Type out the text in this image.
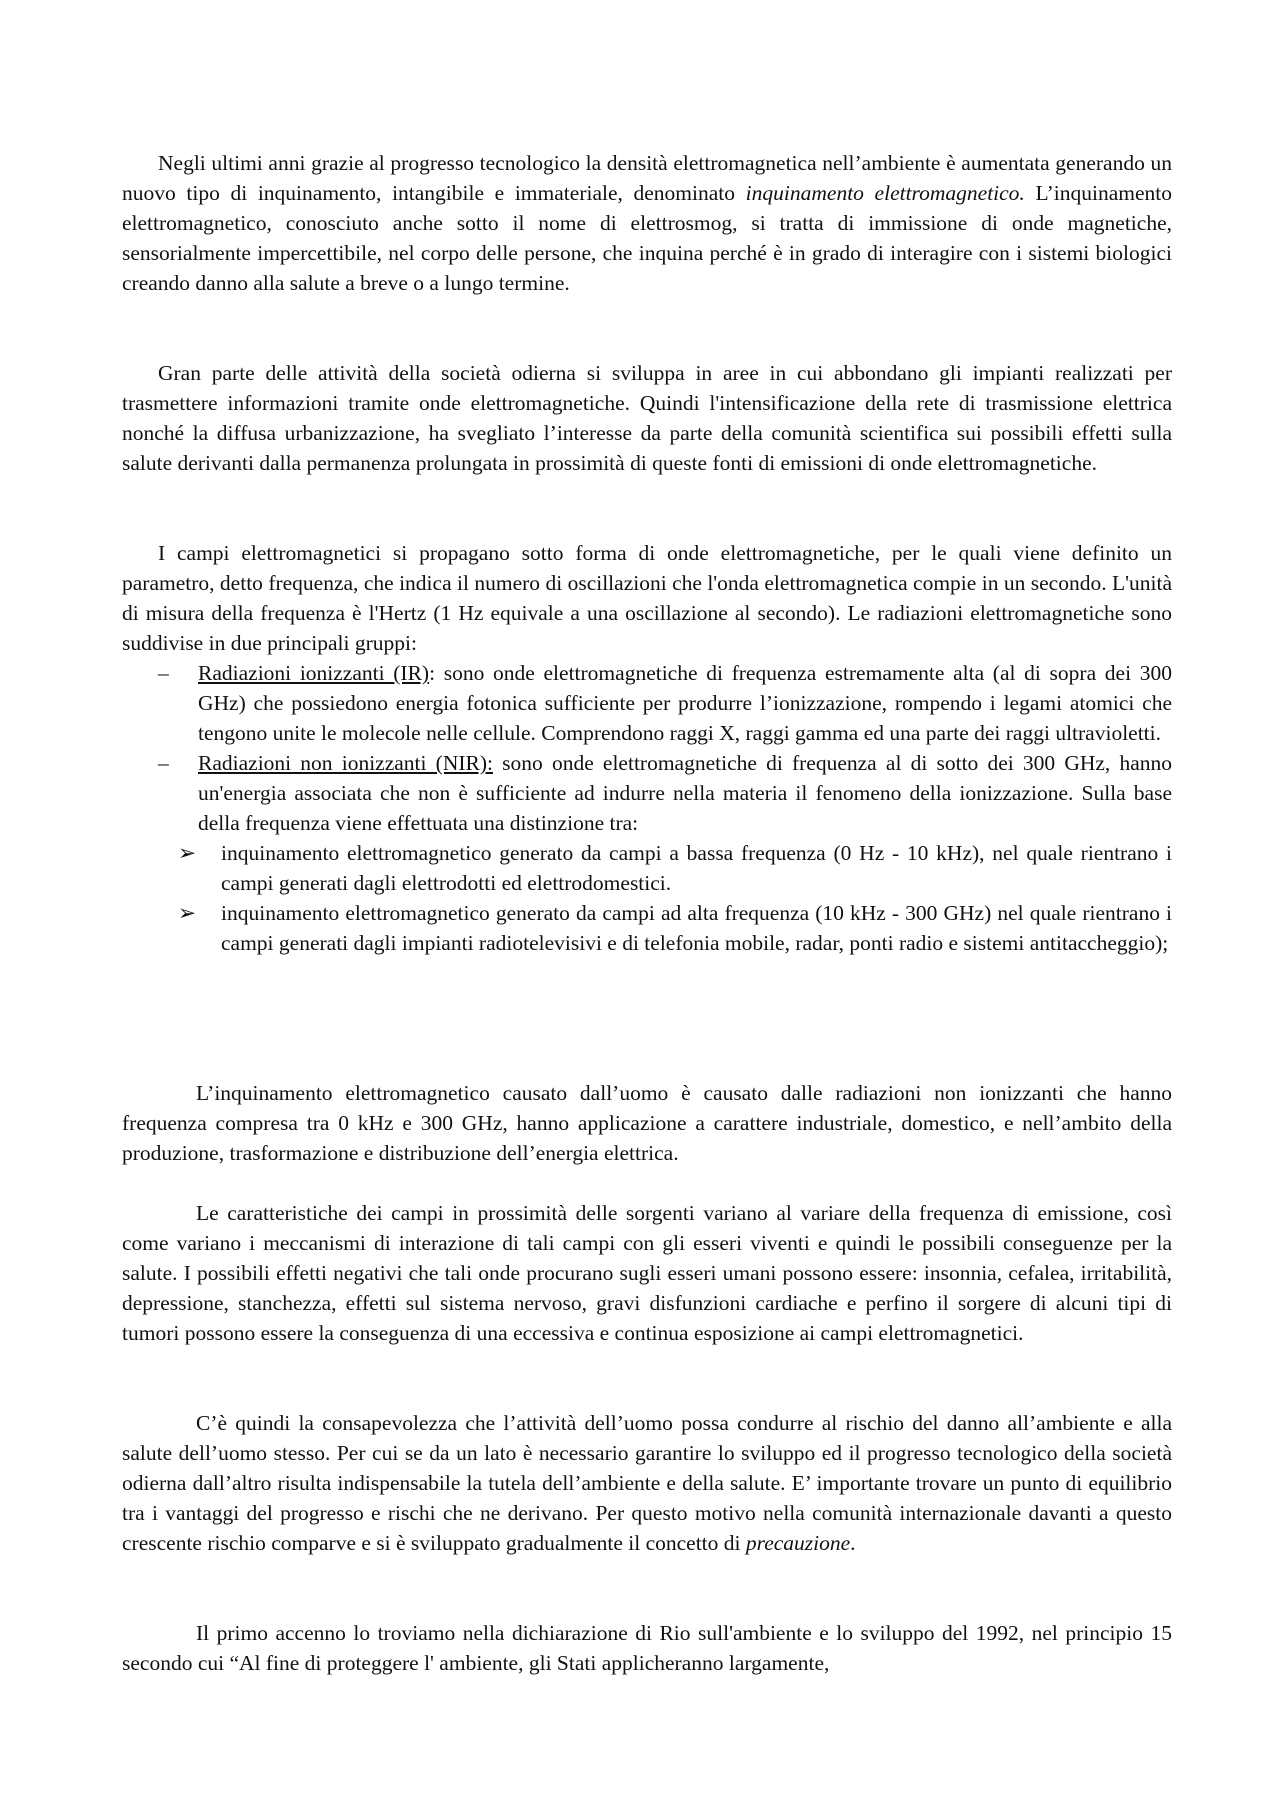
Negli ultimi anni grazie al progresso tecnologico la densità elettromagnetica nell’ambiente è aumentata generando un nuovo tipo di inquinamento, intangibile e immateriale, denominato inquinamento elettromagnetico. L’inquinamento elettromagnetico, conosciuto anche sotto il nome di elettrosmog, si tratta di immissione di onde magnetiche, sensorialmente impercettibile, nel corpo delle persone, che inquina perché è in grado di interagire con i sistemi biologici creando danno alla salute a breve o a lungo termine.

Gran parte delle attività della società odierna si sviluppa in aree in cui abbondano gli impianti realizzati per trasmettere informazioni tramite onde elettromagnetiche. Quindi l'intensificazione della rete di trasmissione elettrica nonché la diffusa urbanizzazione, ha svegliato l’interesse da parte della comunità scientifica sui possibili effetti sulla salute derivanti dalla permanenza prolungata in prossimità di queste fonti di emissioni di onde elettromagnetiche.

I campi elettromagnetici si propagano sotto forma di onde elettromagnetiche, per le quali viene definito un parametro, detto frequenza, che indica il numero di oscillazioni che l'onda elettromagnetica compie in un secondo. L'unità di misura della frequenza è l'Hertz (1 Hz equivale a una oscillazione al secondo). Le radiazioni elettromagnetiche sono suddivise in due principali gruppi:

– Radiazioni ionizzanti (IR): sono onde elettromagnetiche di frequenza estremamente alta (al di sopra dei 300 GHz) che possiedono energia fotonica sufficiente per produrre l’ionizzazione, rompendo i legami atomici che tengono unite le molecole nelle cellule. Comprendono raggi X, raggi gamma ed una parte dei raggi ultravioletti.
– Radiazioni non ionizzanti (NIR): sono onde elettromagnetiche di frequenza al di sotto dei 300 GHz, hanno un'energia associata che non è sufficiente ad indurre nella materia il fenomeno della ionizzazione. Sulla base della frequenza viene effettuata una distinzione tra:
➢ inquinamento elettromagnetico generato da campi a bassa frequenza (0 Hz - 10 kHz), nel quale rientrano i campi generati dagli elettrodotti ed elettrodomestici.
➢ inquinamento elettromagnetico generato da campi ad alta frequenza (10 kHz - 300 GHz) nel quale rientrano i campi generati dagli impianti radiotelevisivi e di telefonia mobile, radar, ponti radio e sistemi antitaccheggio);

L’inquinamento elettromagnetico causato dall’uomo è causato dalle radiazioni non ionizzanti che hanno frequenza compresa tra 0 kHz e 300 GHz, hanno applicazione a carattere industriale, domestico, e nell’ambito della produzione, trasformazione e distribuzione dell’energia elettrica.

Le caratteristiche dei campi in prossimità delle sorgenti variano al variare della frequenza di emissione, così come variano i meccanismi di interazione di tali campi con gli esseri viventi e quindi le possibili conseguenze per la salute. I possibili effetti negativi che tali onde procurano sugli esseri umani possono essere: insonnia, cefalea, irritabilità, depressione, stanchezza, effetti sul sistema nervoso, gravi disfunzioni cardiache e perfino il sorgere di alcuni tipi di tumori possono essere la conseguenza di una eccessiva e continua esposizione ai campi elettromagnetici.

C’è quindi la consapevolezza che l’attività dell’uomo possa condurre al rischio del danno all’ambiente e alla salute dell’uomo stesso. Per cui se da un lato è necessario garantire lo sviluppo ed il progresso tecnologico della società odierna dall’altro risulta indispensabile la tutela dell’ambiente e della salute. E’ importante trovare un punto di equilibrio tra i vantaggi del progresso e rischi che ne derivano. Per questo motivo nella comunità internazionale davanti a questo crescente rischio comparve e si è sviluppato gradualmente il concetto di precauzione.

Il primo accenno lo troviamo nella dichiarazione di Rio sull'ambiente e lo sviluppo del 1992, nel principio 15 secondo cui “Al fine di proteggere l' ambiente, gli Stati applicheranno largamente,
